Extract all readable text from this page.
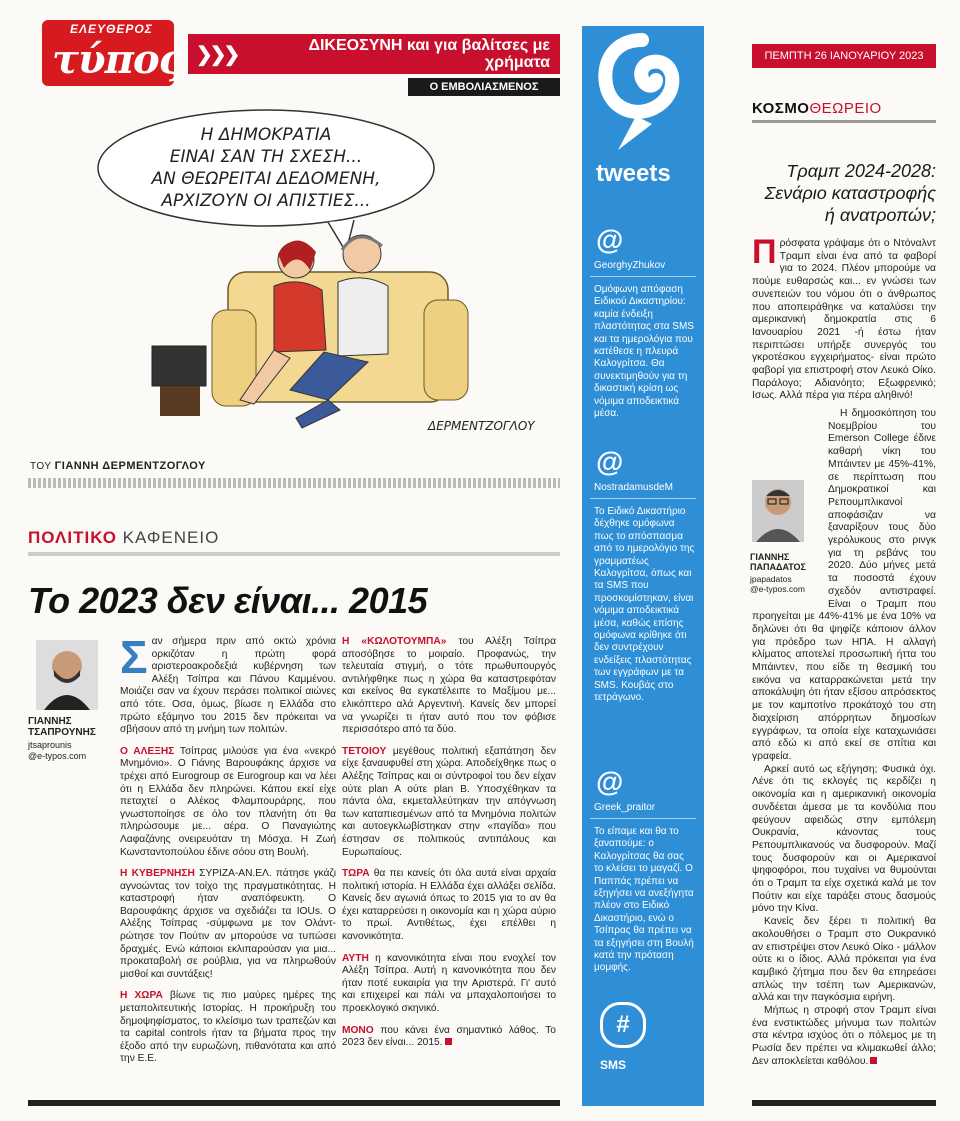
ΕΛΕΥΘΕΡΟΣ
τύπος ❯❯❯	ΔΙΚΕΟΣΥΝΗ και για βαλίτσες με χρήματα
Ο ΕΜΒΟΛΙΑΣΜΕΝΟΣ
Η ΔΗΜΟΚΡΑΤΙΑ
ΕΙΝΑΙ ΣΑΝ ΤΗ ΣΧΕΣΗ...
ΑΝ ΘΕΩΡΕΙΤΑΙ ΔΕΔΟΜΕΝΗ,
ΑΡΧΙΖΟΥΝ ΟΙ ΑΠΙΣΤΙΕΣ...
ΔΕΡΜΕΝΤΖΟΓΛΟΥ
ΤΟΥ ΓΙΑΝΝΗ ΔΕΡΜΕΝΤΖΟΓΛΟΥ
ΠΟΛΙΤΙΚΟ ΚΑΦΕΝΕΙΟ
Το 2023 δεν είναι... 2015
ΓΙΑΝΝΗΣ ΤΣΑΠΡΟΥΝΗΣ
jtsaprounis
@e-typos.com

Σαν σήμερα πριν από οκτώ χρόνια ορκιζόταν η πρώτη φορά αριστεροακροδεξιά κυβέρνηση των Αλέξη Τσίπρα και Πάνου Καμμένου. Μοιάζει σαν να έχουν περάσει πολιτικοί αιώνες από τότε. Οσα, όμως, βίωσε η Ελλάδα στο πρώτο εξάμηνο του 2015 δεν πρόκειται να σβήσουν από τη μνήμη των πολιτών.

Ο ΑΛΕΞΗΣ Τσίπρας μιλούσε για ένα «νεκρό Μνημόνιο». Ο Γιάνης Βαρουφάκης άρχισε να τρέχει από Eurogroup σε Eurogroup και να λέει ότι η Ελλάδα δεν πληρώνει. Κάπου εκεί είχε πεταχτεί ο Αλέκος Φλαμπουράρης, που γνωστοποίησε σε όλο τον πλανήτη ότι θα πληρώσουμε με... αέρα. Ο Παναγιώτης Λαφαζάνης ονειρευόταν τη Μόσχα. Η Ζωή Κωνσταντοπούλου έδινε σόου στη Βουλή.

Η ΚΥΒΕΡΝΗΣΗ ΣΥΡΙΖΑ-ΑΝ.ΕΛ. πάτησε γκάζι αγνοώντας τον τοίχο της πραγματικότητας. Η καταστροφή ήταν αναπόφευκτη. Ο Βαρουφάκης άρχισε να σχεδιάζει τα IOUs. Ο Αλέξης Τσίπρας -σύμφωνα με τον Ολάντ- ρώτησε τον Πούτιν αν μπορούσε να τυπώσει δραχμές. Ενώ κάποιοι εκλιπαρούσαν για μια... προκαταβολή σε ρούβλια, για να πληρωθούν μισθοί και συντάξεις!

Η ΧΩΡΑ βίωνε τις πιο μαύρες ημέρες της μεταπολιτευτικής Ιστορίας. Η προκήρυξη του δημοψηφίσματος, το κλείσιμο των τραπεζών και τα capital controls ήταν τα βήματα προς την έξοδο από την ευρωζώνη, πιθανότατα και από την Ε.Ε.

Η «ΚΩΛΟΤΟΥΜΠΑ» του Αλέξη Τσίπρα αποσόβησε το μοιραίο. Προφανώς, την τελευταία στιγμή, ο τότε πρωθυπουργός αντιλήφθηκε πως η χώρα θα καταστρεφόταν και εκείνος θα εγκατέλειπε το Μαξίμου με... ελικόπτερο αλά Αργεντινή. Κανείς δεν μπορεί να γνωρίζει τι ήταν αυτό που τον φόβισε περισσότερο από τα δύο.

ΤΕΤΟΙΟΥ μεγέθους πολιτική εξαπάτηση δεν είχε ξαναυφυθεί στη χώρα. Αποδείχθηκε πως ο Αλέξης Τσίπρας και οι σύντροφοί του δεν είχαν ούτε plan A ούτε plan B. Υποσχέθηκαν τα πάντα όλα, εκμεταλλεύτηκαν την απόγνωση των καταπιεσμένων από τα Μνημόνια πολιτών και αυτοεγκλωβίστηκαν στην «παγίδα» που έστησαν σε πολιτικούς αντιπάλους και Ευρωπαίους.

ΤΩΡΑ θα πει κανείς ότι όλα αυτά είναι αρχαία πολιτική ιστορία. Η Ελλάδα έχει αλλάξει σελίδα. Κανείς δεν αγωνιά όπως το 2015 για το αν θα έχει καταρρεύσει η οικονομία και η χώρα αύριο το πρωί. Αντιθέτως, έχει επέλθει η κανονικότητα.

ΑΥΤΗ η κανονικότητα είναι που ενοχλεί τον Αλέξη Τσίπρα. Αυτή η κανονικότητα που δεν ήταν ποτέ ευκαιρία για την Αριστερά. Γι' αυτό και επιχειρεί και πάλι να μπαχαλοποιήσει το προεκλογικό σκηνικό.

ΜΟΝΟ που κάνει ένα σημαντικό λάθος. Το 2023 δεν είναι... 2015.

tweets
@
GeorghyZhukov
Ομόφωνη απόφαση Ειδικού Δικαστηρίου: καμία ένδειξη πλαστότητας στα SMS και τα ημερολόγια που κατέθεσε η πλευρά Καλογρίτσα. Θα συνεκτιμηθούν για τη δικαστική κρίση ως νόμιμα αποδεικτικά μέσα.
@
NostradamusdeM
Το Ειδικό Δικαστήριο δέχθηκε ομόφωνα πως το απόσπασμα από το ημερολόγιο της γραμματέως Καλογρίτσα, όπως και τα SMS που προσκομίστηκαν, είναι νόμιμα αποδεικτικά μέσα, καθώς επίσης ομόφωνα κρίθηκε ότι δεν συντρέχουν ενδείξεις πλαστότητας των εγγράφων με τα SMS. Κουβάς στο τετράγωνο.
@
Greek_praitor
Το είπαμε και θα το ξαναπούμε: ο Καλογρίτσας θα σας το κλείσει το μαγαζί. Ο Παππάς πρέπει να εξηγήσει να ανεξήγητα πλέον στο Ειδικό Δικαστήριο, ενώ ο Τσίπρας θα πρέπει να τα εξηγήσει στη Βουλή κατά την πρόταση μομφής.
#
SMS
ΠΕΜΠΤΗ 26 ΙΑΝΟΥΑΡΙΟΥ 2023
ΚΟΣΜΟΘΕΩΡΕΙΟ
Τραμπ 2024-2028: Σενάριο καταστροφής ή ανατροπών;

Πρόσφατα γράψαμε ότι ο Ντόναλντ Τραμπ είναι ένα από τα φαβορί για το 2024. Πλέον μπορούμε να πούμε ευθαρσώς και... εν γνώσει των συνεπειών του νόμου ότι ο άνθρωπος που αποπειράθηκε να καταλύσει την αμερικανική δημοκρατία στις 6 Ιανουαρίου 2021 -ή έστω ήταν περιπτώσει υπήρξε συνεργός του γκροτέσκου εγχειρήματος- είναι πρώτο φαβορί για επιστροφή στον Λευκό Οίκο. Παράλογο; Αδιανόητο; Εξωφρενικό; Ισως. Αλλά πέρα για πέρα αληθινό!

ΓΙΑΝΝΗΣ ΠΑΠΑΔΑΤΟΣ
jpapadatos
@e-typos.com

Η δημοσκόπηση του Νοεμβρίου του Emerson College έδινε καθαρή νίκη του Μπάιντεν με 45%-41%, σε περίπτωση που Δημοκρατικοί και Ρεπουμπλικανοί αποφάσιζαν να ξαναρίξουν τους δύο γερόλυκους στο ρινγκ για τη ρεβάνς του 2020. Δύο μήνες μετά τα ποσοστά έχουν σχεδόν αντιστραφεί. Είναι ο Τραμπ που προηγείται με 44%-41% με ένα 10% να δηλώνει ότι θα ψηφίζε κάποιον άλλον για πρόεδρο των ΗΠΑ. Η αλλαγή κλίματος αποτελεί προσωπική ήττα του Μπάιντεν, που είδε τη θεσμική του εικόνα να καταρρακώνεται μετά την αποκάλυψη ότι ήταν εξίσου απρόσεκτος με τον καμποτίνο προκάτοχό του στη διαχείριση απόρρητων δημοσίων εγγράφων, τα οποία είχε καταχωνιάσει από εδώ κι από εκεί σε σπίτια και γραφεία.

Αρκεί αυτό ως εξήγηση; Φυσικά όχι. Λένε ότι τις εκλογές τις κερδίζει η οικονομία και η αμερικανική οικονομία συνδέεται άμεσα με τα κονδύλια που φεύγουν αφειδώς στην εμπόλεμη Ουκρανία, κάνοντας τους Ρεπουμπλικανούς να δυσφορούν. Μαζί τους δυσφορούν και οι Αμερικανοί ψηφοφόροι, που τυχαίνει να θυμούνται ότι ο Τραμπ τα είχε σχετικά καλά με τον Πούτιν και είχε ταράξει στους δασμούς μόνο την Κίνα.

Κανείς δεν ξέρει τι πολιτική θα ακολουθήσει ο Τραμπ στο Ουκρανικό αν επιστρέψει στον Λευκό Οίκο - μάλλον ούτε κι ο ίδιος. Αλλά πρόκειται για ένα καμβικό ζήτημα που δεν θα επηρεάσει απλώς την τσέπη των Αμερικανών, αλλά και την παγκόσμια ειρήνη.

Μήπως η στροφή στον Τραμπ είναι ένα ενστικτώδες μήνυμα των πολιτών στα κέντρα ισχύος ότι ο πόλεμος με τη Ρωσία δεν πρέπει να κλιμακωθεί άλλο; Δεν αποκλείεται καθόλου.
